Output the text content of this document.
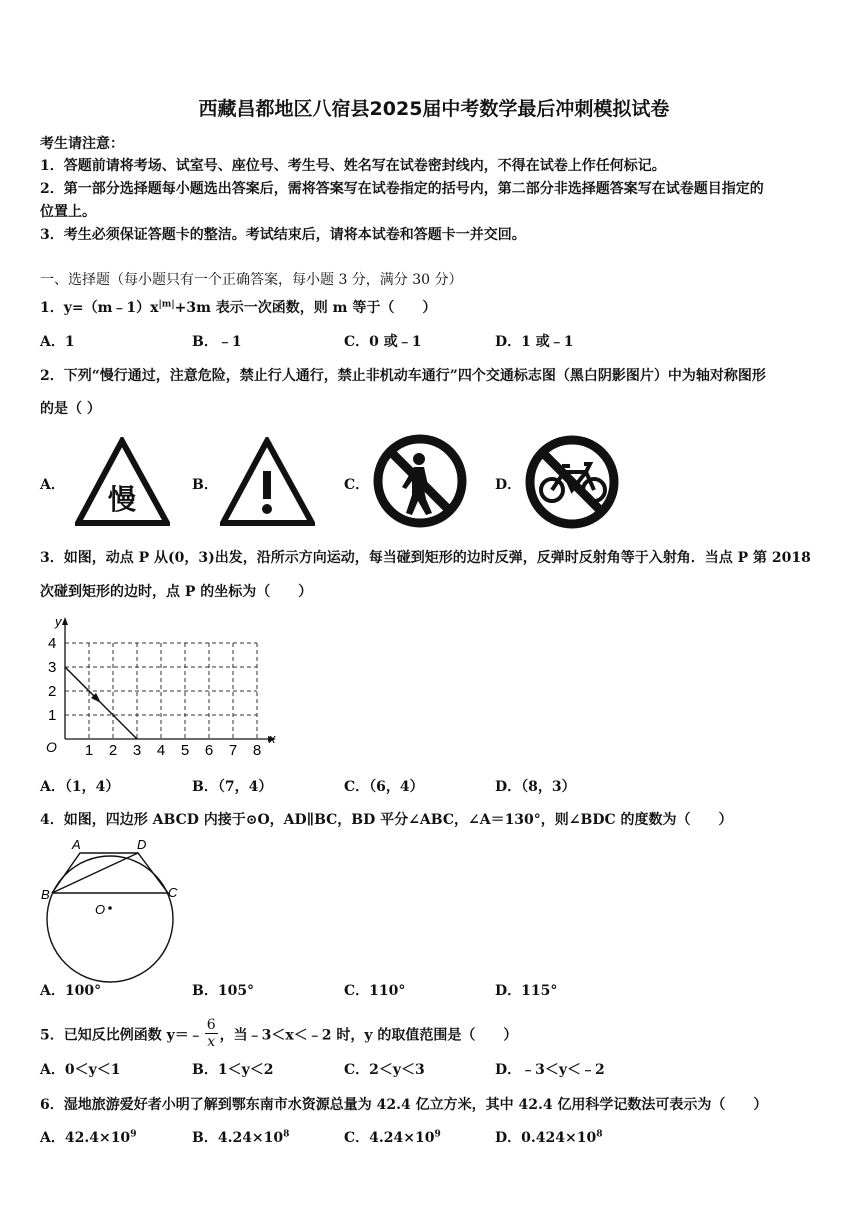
西藏昌都地区八宿县2025届中考数学最后冲刺模拟试卷
考生请注意：
1．答题前请将考场、试室号、座位号、考生号、姓名写在试卷密封线内，不得在试卷上作任何标记。
2．第一部分选择题每小题选出答案后，需将答案写在试卷指定的括号内，第二部分非选择题答案写在试卷题目指定的
位置上。
3．考生必须保证答题卡的整洁。考试结束后，请将本试卷和答题卡一并交回。
一、选择题（每小题只有一个正确答案，每小题 3 分，满分 30 分）
1．$y=(m﹣1)x^{|m|}+3m$ 表示一次函数，则 m 等于（　　）
A．1	B．﹣1	C．0 或﹣1	D．1 或﹣1
2．下列“慢行通过，注意危险，禁止行人通行，禁止非机动车通行”四个交通标志图（黑白阴影图片）中为轴对称图形
的是（ ）
A． 慢	B．	C．	D．
3．如图，动点 P 从(0，3)出发，沿所示方向运动，每当碰到矩形的边时反弹，反弹时反射角等于入射角．当点 P 第 2018
次碰到矩形的边时，点 P 的坐标为（　　）
y
x
O
4
3
2
1
1 2 3 4 5 6 7 8
A．（1，4）	B．（7，4）	C．（6，4）	D．（8，3）
4．如图，四边形 ABCD 内接于⊙O，AD∥BC，BD 平分∠ABC，∠A＝130°，则∠BDC 的度数为（　　）
A	D
B	C
O
A．100°	B．105°	C．110°	D．115°
5．已知反比例函数 y＝﹣ $\frac{6}{x}$ ，当﹣3＜x＜﹣2 时，y 的取值范围是（　　）
A．0＜y＜1	B．1＜y＜2	C．2＜y＜3	D．﹣3＜y＜﹣2
6．湿地旅游爱好者小明了解到鄂东南市水资源总量为 42.4 亿立方米，其中 42.4 亿用科学记数法可表示为（　　）
A．$42.4\times 10^9$	B．$4.24\times 10^8$	C．$4.24\times 10^9$	D．$0.424\times 10^8$
